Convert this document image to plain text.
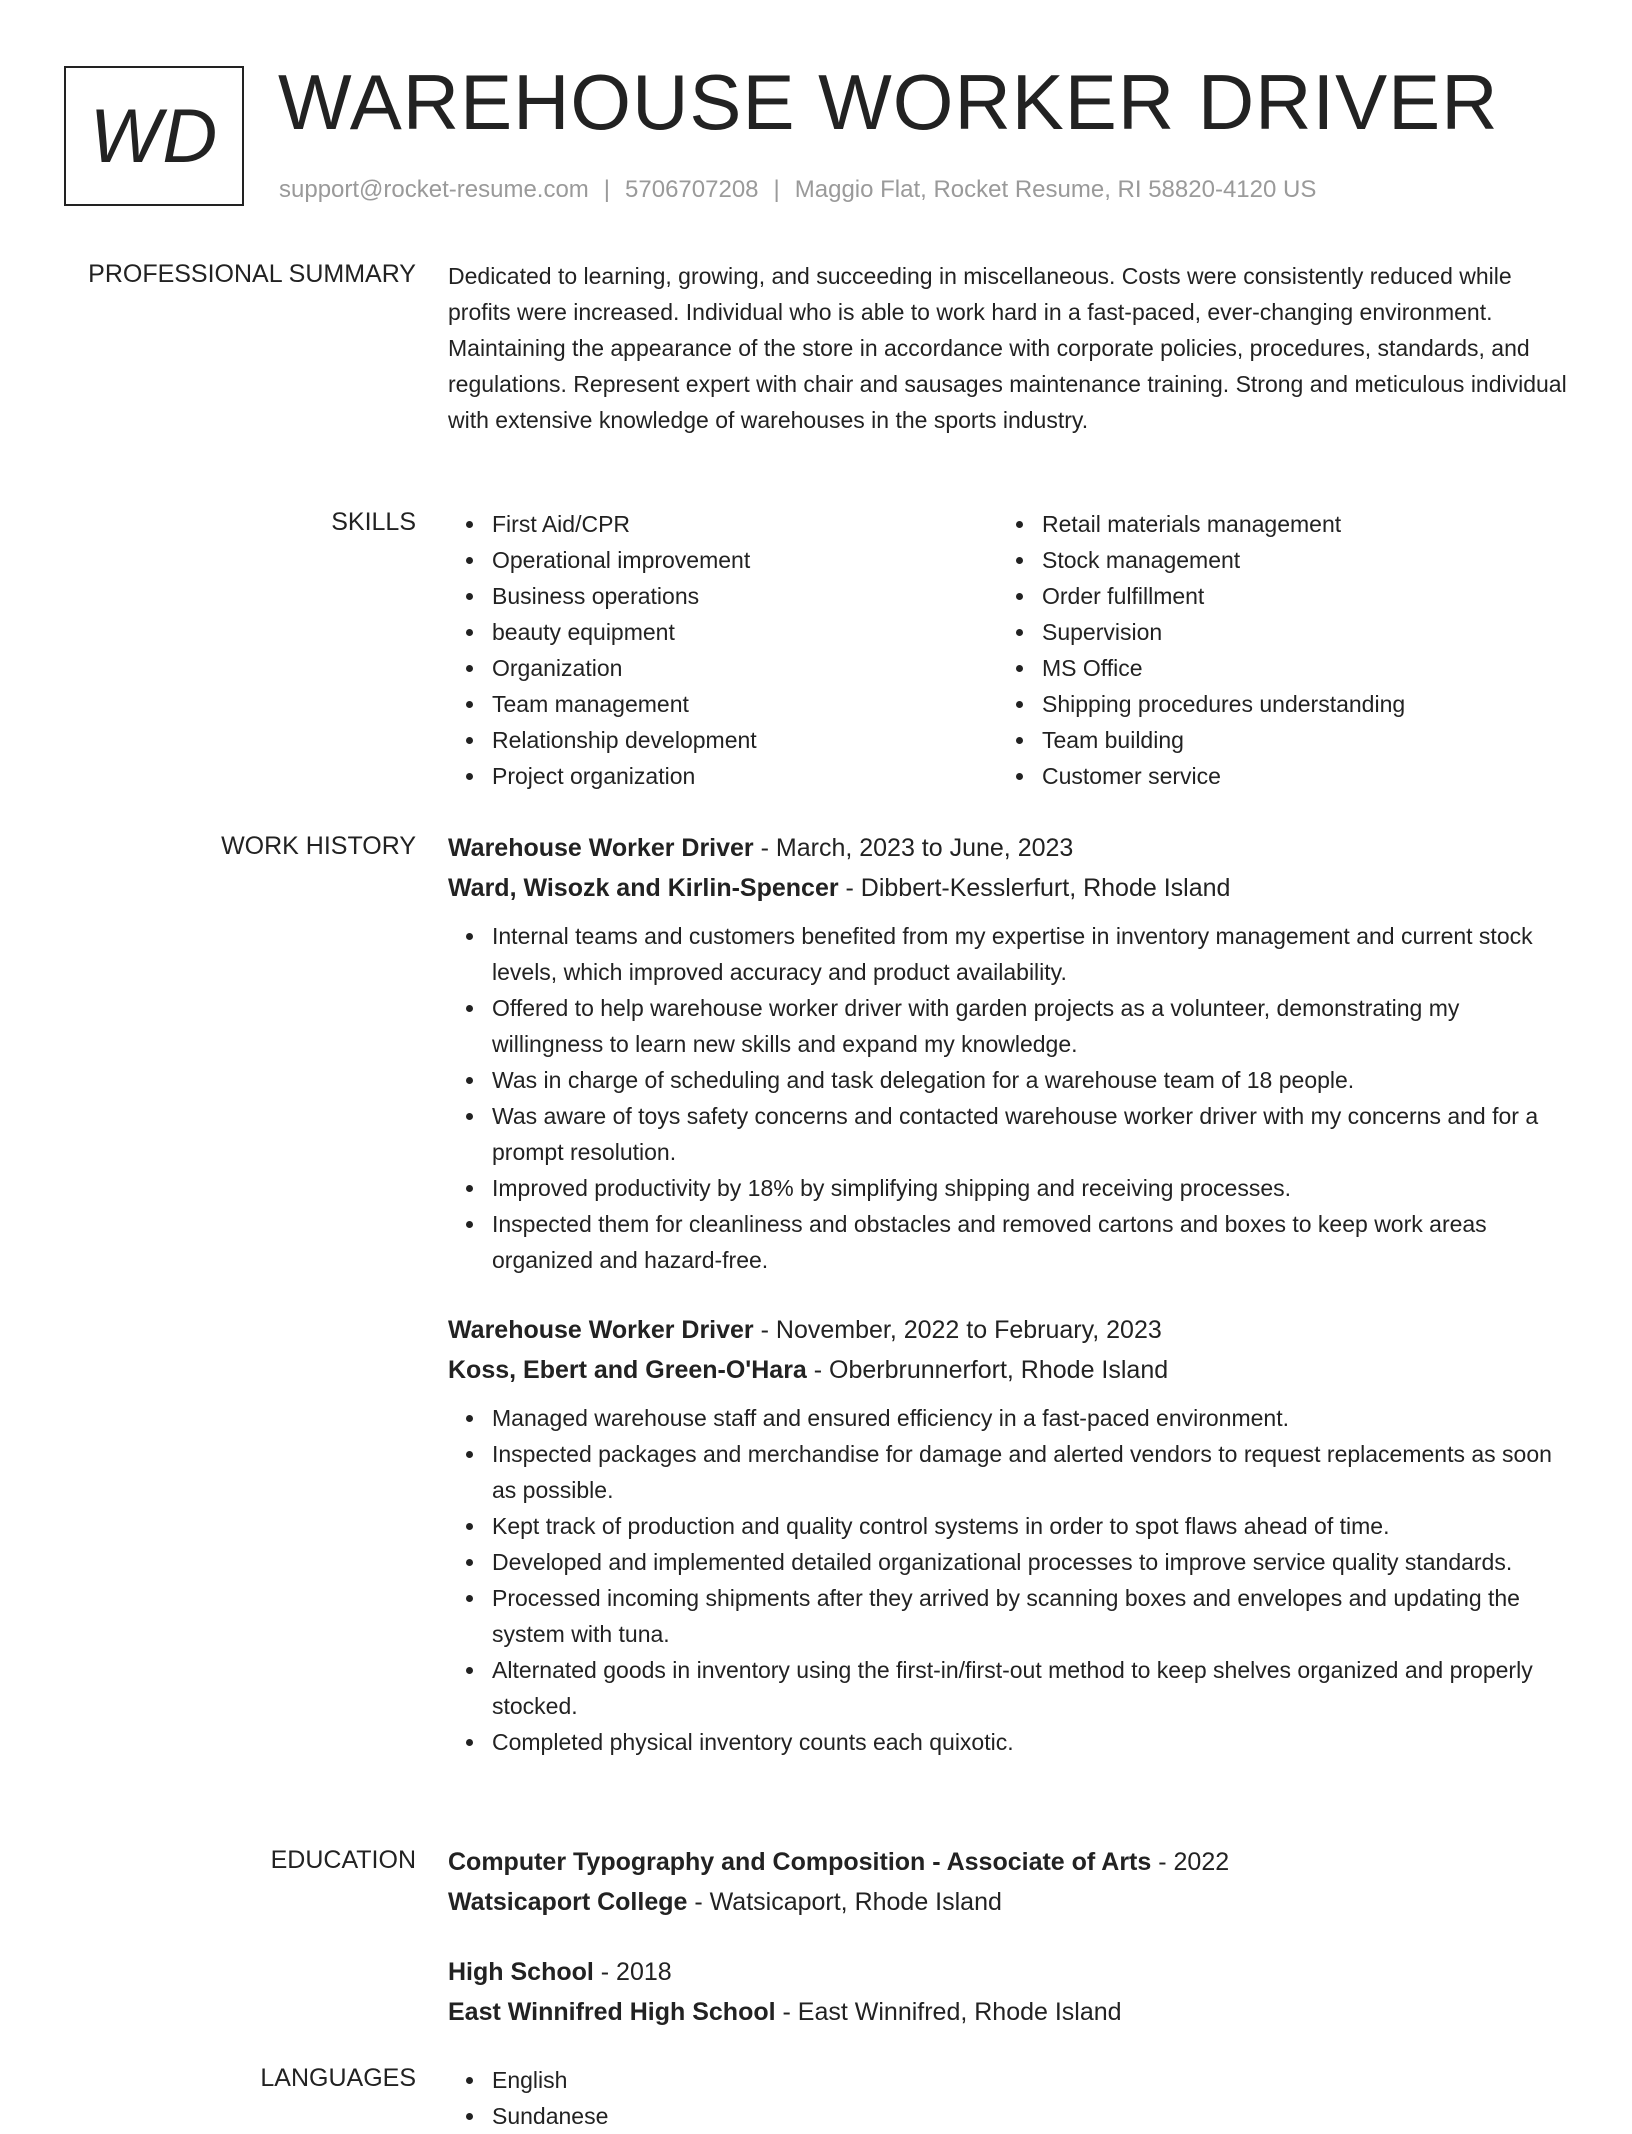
WD WAREHOUSE WORKER DRIVER
support@rocket-resume.com | 5706707208 | Maggio Flat, Rocket Resume, RI 58820-4120 US
PROFESSIONAL SUMMARY Dedicated to learning, growing, and succeeding in miscellaneous. Costs were consistently reduced while profits were increased. Individual who is able to work hard in a fast-paced, ever-changing environment. Maintaining the appearance of the store in accordance with corporate policies, procedures, standards, and regulations. Represent expert with chair and sausages maintenance training. Strong and meticulous individual with extensive knowledge of warehouses in the sports industry.

SKILLS	First Aid/CPR
Operational improvement
Business operations
beauty equipment
Organization
Team management
Relationship development
Project organization
Retail materials management
Stock management
Order fulfillment
Supervision
MS Office
Shipping procedures understanding
Team building
Customer service
WORK HISTORY Warehouse Worker Driver - March, 2023 to June, 2023
Ward, Wisozk and Kirlin-Spencer - Dibbert-Kesslerfurt, Rhode Island
Internal teams and customers benefited from my expertise in inventory management and current stock levels, which improved accuracy and product availability.
Offered to help warehouse worker driver with garden projects as a volunteer, demonstrating my willingness to learn new skills and expand my knowledge.
Was in charge of scheduling and task delegation for a warehouse team of 18 people.
Was aware of toys safety concerns and contacted warehouse worker driver with my concerns and for a prompt resolution.
Improved productivity by 18% by simplifying shipping and receiving processes.
Inspected them for cleanliness and obstacles and removed cartons and boxes to keep work areas organized and hazard-free.
Warehouse Worker Driver - November, 2022 to February, 2023
Koss, Ebert and Green-O'Hara - Oberbrunnerfort, Rhode Island
Managed warehouse staff and ensured efficiency in a fast-paced environment.
Inspected packages and merchandise for damage and alerted vendors to request replacements as soon as possible.
Kept track of production and quality control systems in order to spot flaws ahead of time.
Developed and implemented detailed organizational processes to improve service quality standards.
Processed incoming shipments after they arrived by scanning boxes and envelopes and updating the system with tuna.
Alternated goods in inventory using the first-in/first-out method to keep shelves organized and properly stocked.
Completed physical inventory counts each quixotic.
EDUCATION Computer Typography and Composition - Associate of Arts - 2022
Watsicaport College - Watsicaport, Rhode Island
High School - 2018
East Winnifred High School - East Winnifred, Rhode Island
LANGUAGES	English
Sundanese
